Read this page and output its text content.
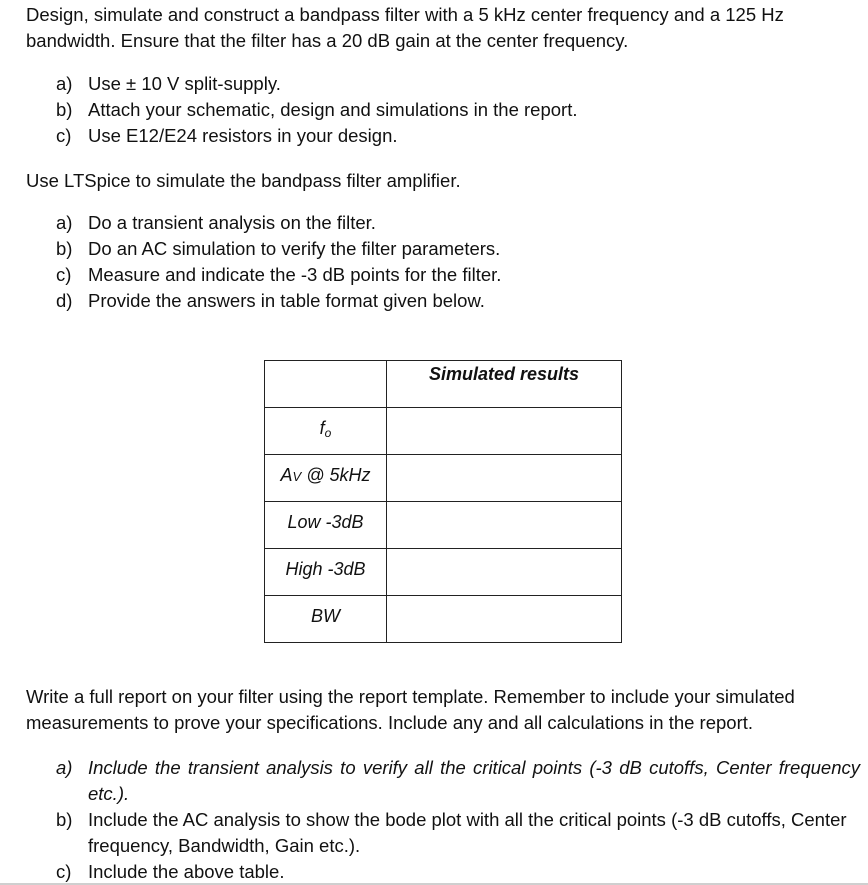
Design, simulate and construct a bandpass filter with a 5 kHz center frequency and a 125 Hz bandwidth. Ensure that the filter has a 20 dB gain at the center frequency.

a) Use ± 10 V split-supply.
b) Attach your schematic, design and simulations in the report.
c) Use E12/E24 resistors in your design.

Use LTSpice to simulate the bandpass filter amplifier.

a) Do a transient analysis on the filter.
b) Do an AC simulation to verify the filter parameters.
c) Measure and indicate the -3 dB points for the filter.
d) Provide the answers in table format given below.
	Simulated results
$f_o$	
AV @ 5kHz	
Low -3dB	
High -3dB	
BW	

Write a full report on your filter using the report template. Remember to include your simulated measurements to prove your specifications. Include any and all calculations in the report.

a) Include the transient analysis to verify all the critical points (-3 dB cutoffs, Center frequency etc.).
b) Include the AC analysis to show the bode plot with all the critical points (-3 dB cutoffs, Center frequency, Bandwidth, Gain etc.).
c) Include the above table.
